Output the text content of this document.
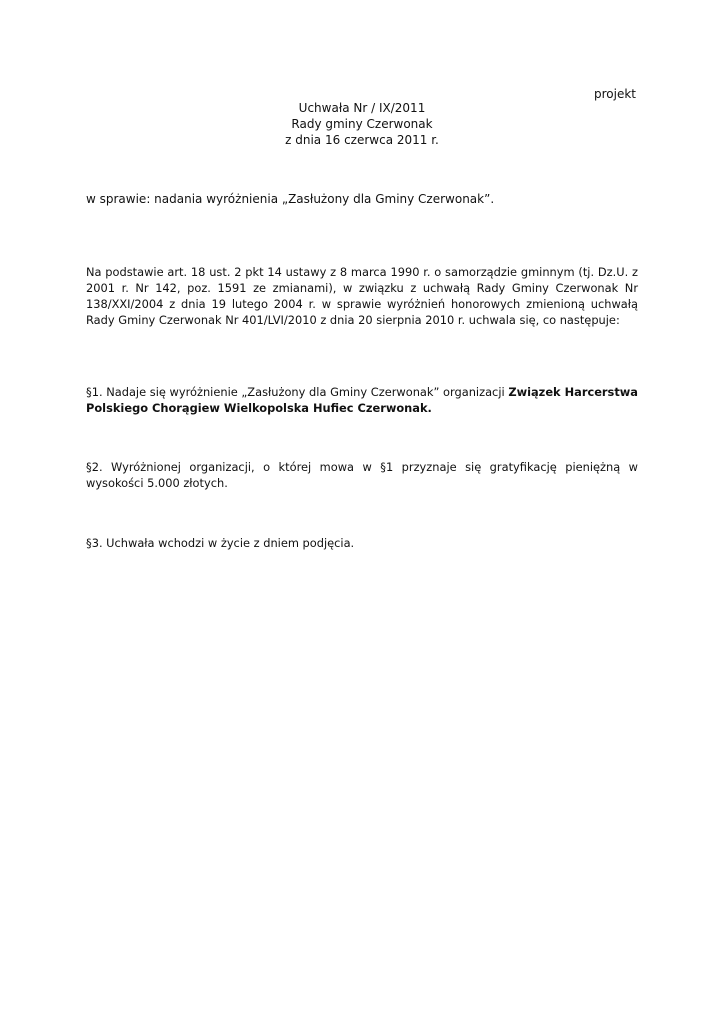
projekt
Uchwała Nr / IX/2011
Rady gminy Czerwonak
z dnia 16 czerwca 2011 r.
w sprawie: nadania wyróżnienia „Zasłużony dla Gminy Czerwonak”.
Na podstawie art. 18 ust. 2 pkt 14 ustawy z 8 marca 1990 r. o samorządzie gminnym (tj. Dz.U. z 2001 r. Nr 142, poz. 1591 ze zmianami), w związku z uchwałą Rady Gminy Czerwonak Nr 138/XXI/2004 z dnia 19 lutego 2004 r. w sprawie wyróżnień honorowych zmienioną uchwałą Rady Gminy Czerwonak Nr 401/LVI/2010 z dnia 20 sierpnia 2010 r. uchwala się, co następuje:
§1. Nadaje się wyróżnienie „Zasłużony dla Gminy Czerwonak” organizacji Związek Harcerstwa Polskiego Chorągiew Wielkopolska Hufiec Czerwonak.
§2. Wyróżnionej organizacji, o której mowa w §1 przyznaje się gratyfikację pieniężną w wysokości 5.000 złotych.
§3. Uchwała wchodzi w życie z dniem podjęcia.
